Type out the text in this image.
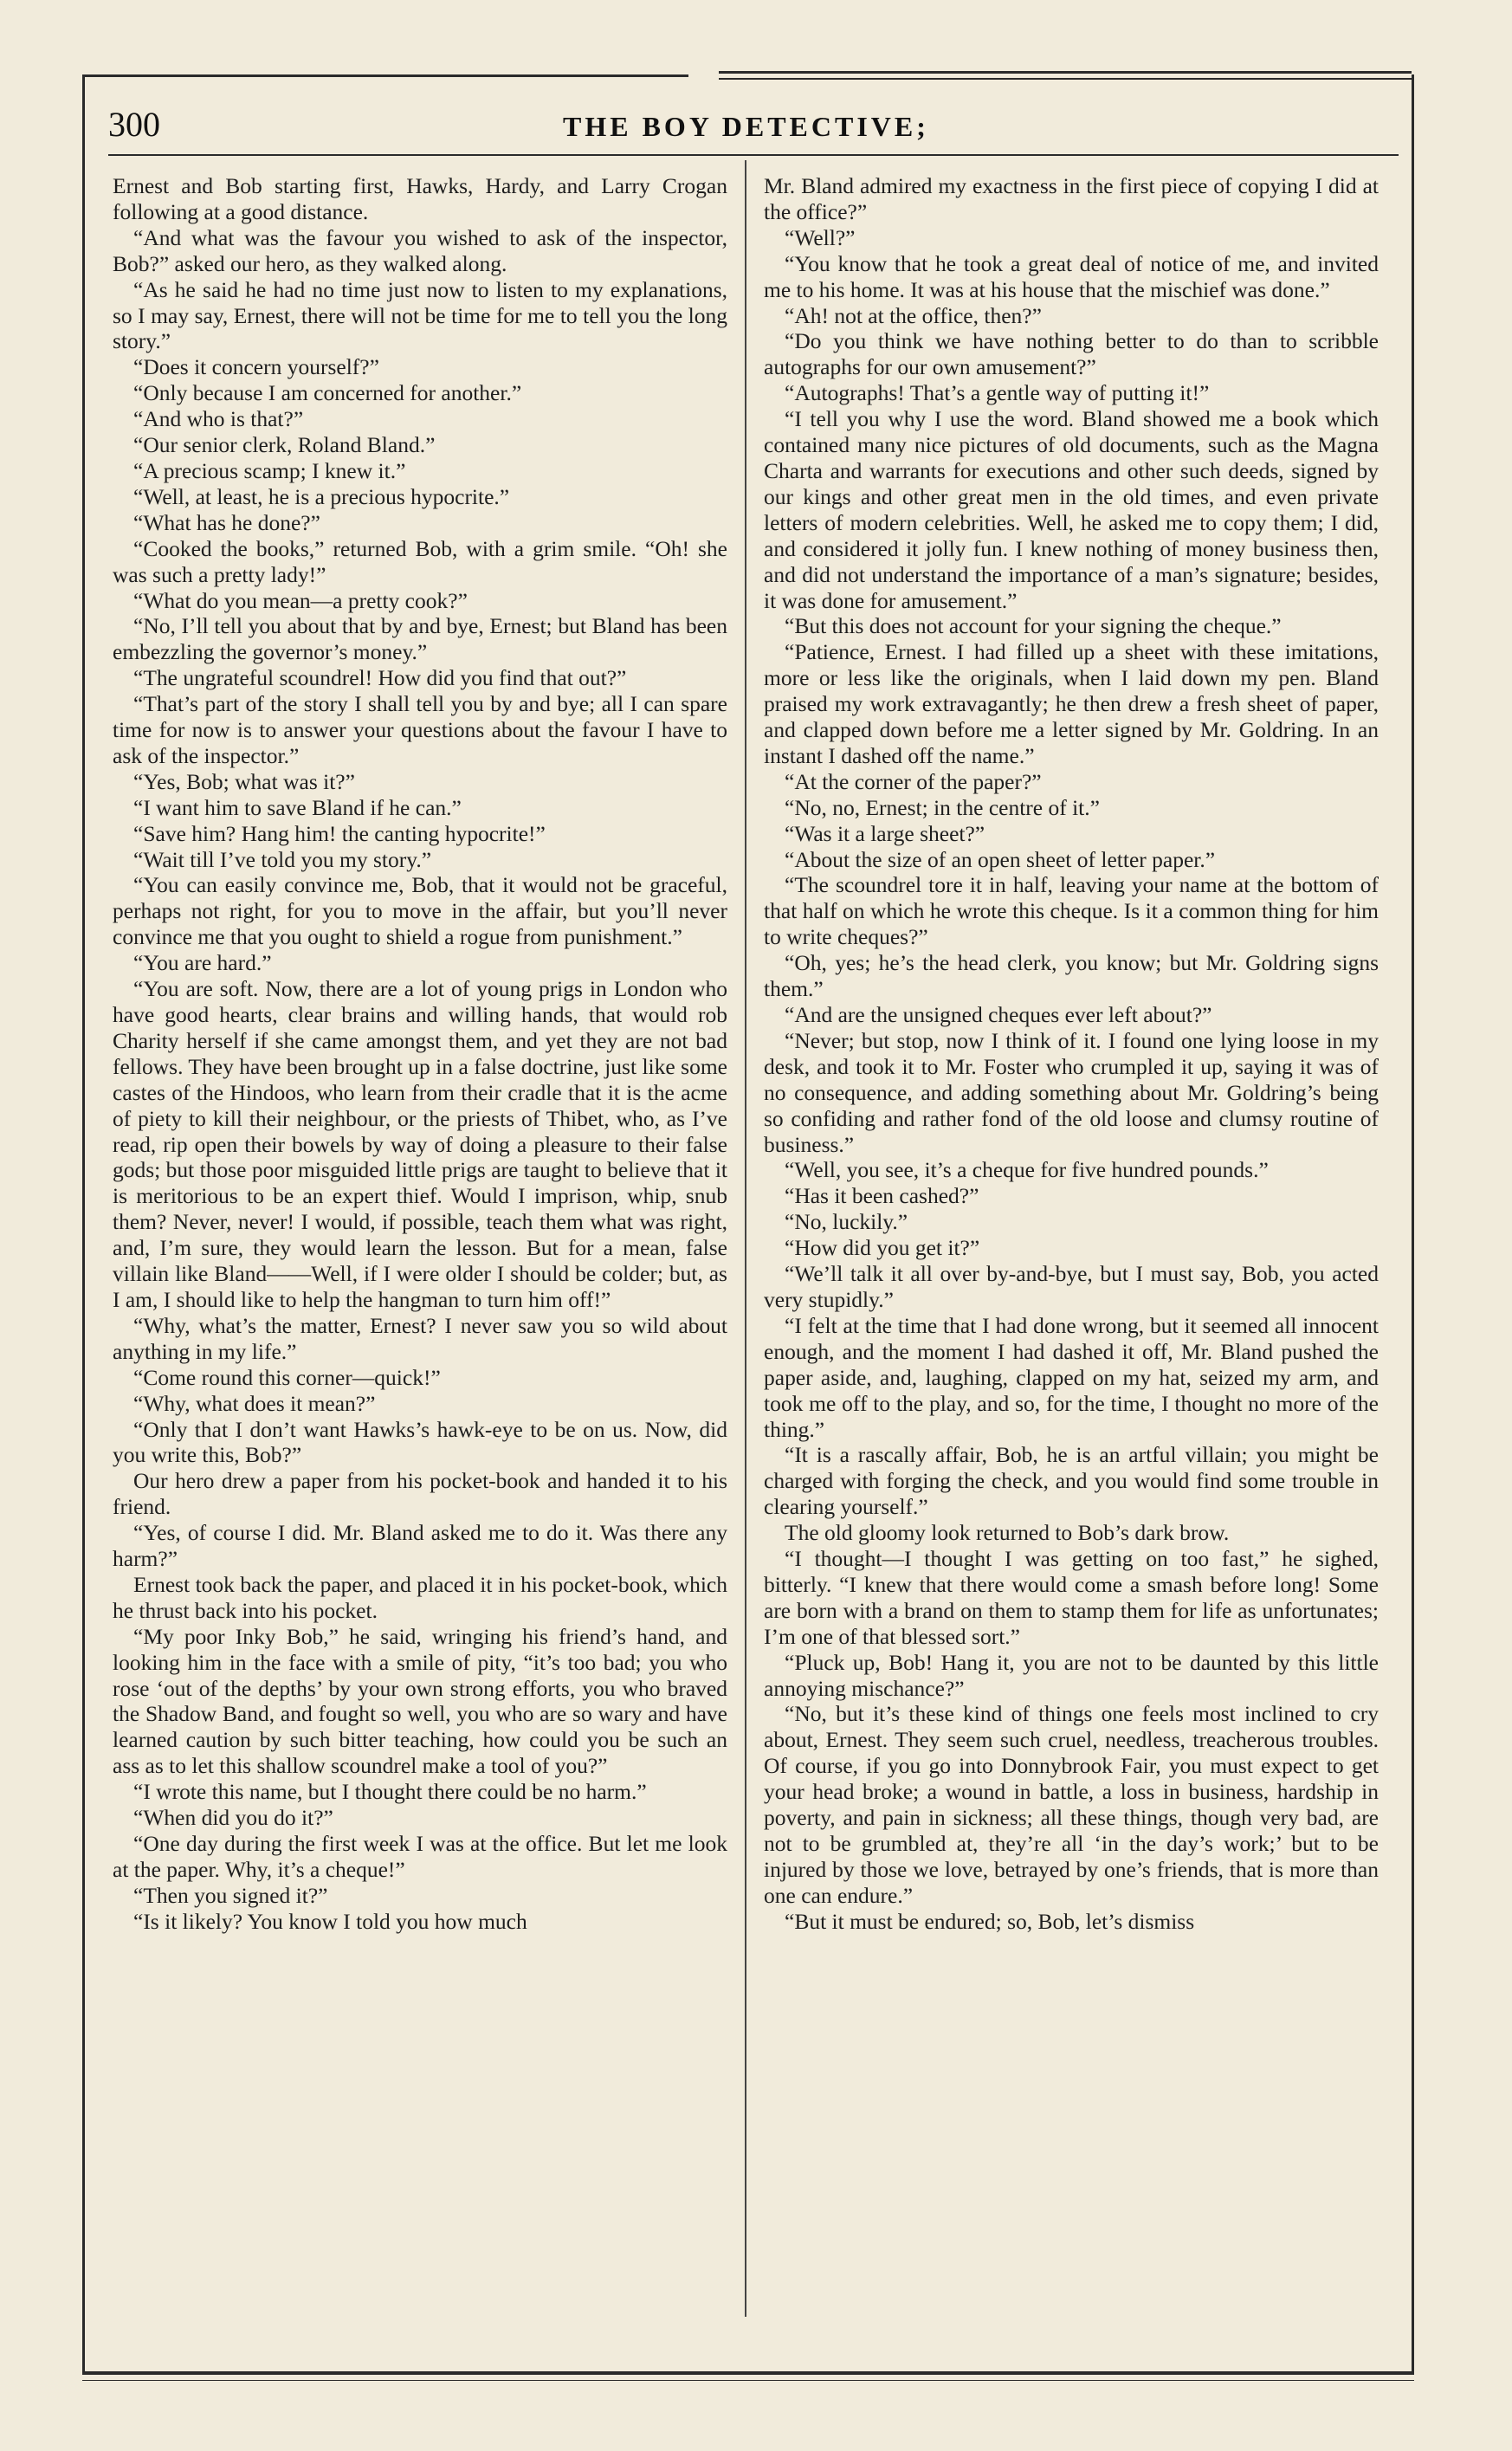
300	THE BOY DETECTIVE;

Ernest and Bob starting first, Hawks, Hardy, and Larry Crogan following at a good distance.

“And what was the favour you wished to ask of the inspector, Bob?” asked our hero, as they walked along.

“As he said he had no time just now to listen to my explanations, so I may say, Ernest, there will not be time for me to tell you the long story.”

“Does it concern yourself?”

“Only because I am concerned for another.”

“And who is that?”

“Our senior clerk, Roland Bland.”

“A precious scamp; I knew it.”

“Well, at least, he is a precious hypocrite.”

“What has he done?”

“Cooked the books,” returned Bob, with a grim smile. “Oh! she was such a pretty lady!”

“What do you mean—a pretty cook?”

“No, I’ll tell you about that by and bye, Ernest; but Bland has been embezzling the governor’s money.”

“The ungrateful scoundrel! How did you find that out?”

“That’s part of the story I shall tell you by and bye; all I can spare time for now is to answer your questions about the favour I have to ask of the inspector.”

“Yes, Bob; what was it?”

“I want him to save Bland if he can.”

“Save him? Hang him! the canting hypocrite!”

“Wait till I’ve told you my story.”

“You can easily convince me, Bob, that it would not be graceful, perhaps not right, for you to move in the affair, but you’ll never convince me that you ought to shield a rogue from punishment.”

“You are hard.”

“You are soft. Now, there are a lot of young prigs in London who have good hearts, clear brains and willing hands, that would rob Charity herself if she came amongst them, and yet they are not bad fellows. They have been brought up in a false doctrine, just like some castes of the Hindoos, who learn from their cradle that it is the acme of piety to kill their neighbour, or the priests of Thibet, who, as I’ve read, rip open their bowels by way of doing a pleasure to their false gods; but those poor misguided little prigs are taught to believe that it is meritorious to be an expert thief. Would I imprison, whip, snub them? Never, never! I would, if possible, teach them what was right, and, I’m sure, they would learn the lesson. But for a mean, false villain like Bland——Well, if I were older I should be colder; but, as I am, I should like to help the hangman to turn him off!”

“Why, what’s the matter, Ernest? I never saw you so wild about anything in my life.”

“Come round this corner—quick!”

“Why, what does it mean?”

“Only that I don’t want Hawks’s hawk-eye to be on us. Now, did you write this, Bob?”

Our hero drew a paper from his pocket-book and handed it to his friend.

“Yes, of course I did. Mr. Bland asked me to do it. Was there any harm?”

Ernest took back the paper, and placed it in his pocket-book, which he thrust back into his pocket.

“My poor Inky Bob,” he said, wringing his friend’s hand, and looking him in the face with a smile of pity, “it’s too bad; you who rose ‘out of the depths’ by your own strong efforts, you who braved the Shadow Band, and fought so well, you who are so wary and have learned caution by such bitter teaching, how could you be such an ass as to let this shallow scoundrel make a tool of you?”

“I wrote this name, but I thought there could be no harm.”

“When did you do it?”

“One day during the first week I was at the office. But let me look at the paper. Why, it’s a cheque!”

“Then you signed it?”

“Is it likely? You know I told you how much

Mr. Bland admired my exactness in the first piece of copying I did at the office?”

“Well?”

“You know that he took a great deal of notice of me, and invited me to his home. It was at his house that the mischief was done.”

“Ah! not at the office, then?”

“Do you think we have nothing better to do than to scribble autographs for our own amusement?”

“Autographs! That’s a gentle way of putting it!”

“I tell you why I use the word. Bland showed me a book which contained many nice pictures of old documents, such as the Magna Charta and warrants for executions and other such deeds, signed by our kings and other great men in the old times, and even private letters of modern celebrities. Well, he asked me to copy them; I did, and considered it jolly fun. I knew nothing of money business then, and did not understand the importance of a man’s signature; besides, it was done for amusement.”

“But this does not account for your signing the cheque.”

“Patience, Ernest. I had filled up a sheet with these imitations, more or less like the originals, when I laid down my pen. Bland praised my work extravagantly; he then drew a fresh sheet of paper, and clapped down before me a letter signed by Mr. Goldring. In an instant I dashed off the name.”

“At the corner of the paper?”

“No, no, Ernest; in the centre of it.”

“Was it a large sheet?”

“About the size of an open sheet of letter paper.”

“The scoundrel tore it in half, leaving your name at the bottom of that half on which he wrote this cheque. Is it a common thing for him to write cheques?”

“Oh, yes; he’s the head clerk, you know; but Mr. Goldring signs them.”

“And are the unsigned cheques ever left about?”

“Never; but stop, now I think of it. I found one lying loose in my desk, and took it to Mr. Foster who crumpled it up, saying it was of no consequence, and adding something about Mr. Goldring’s being so confiding and rather fond of the old loose and clumsy routine of business.”

“Well, you see, it’s a cheque for five hundred pounds.”

“Has it been cashed?”

“No, luckily.”

“How did you get it?”

“We’ll talk it all over by-and-bye, but I must say, Bob, you acted very stupidly.”

“I felt at the time that I had done wrong, but it seemed all innocent enough, and the moment I had dashed it off, Mr. Bland pushed the paper aside, and, laughing, clapped on my hat, seized my arm, and took me off to the play, and so, for the time, I thought no more of the thing.”

“It is a rascally affair, Bob, he is an artful villain; you might be charged with forging the check, and you would find some trouble in clearing yourself.”

The old gloomy look returned to Bob’s dark brow.

“I thought—I thought I was getting on too fast,” he sighed, bitterly. “I knew that there would come a smash before long! Some are born with a brand on them to stamp them for life as unfortunates; I’m one of that blessed sort.”

“Pluck up, Bob! Hang it, you are not to be daunted by this little annoying mischance?”

“No, but it’s these kind of things one feels most inclined to cry about, Ernest. They seem such cruel, needless, treacherous troubles. Of course, if you go into Donnybrook Fair, you must expect to get your head broke; a wound in battle, a loss in business, hardship in poverty, and pain in sickness; all these things, though very bad, are not to be grumbled at, they’re all ‘in the day’s work;’ but to be injured by those we love, betrayed by one’s friends, that is more than one can endure.”

“But it must be endured; so, Bob, let’s dismiss
